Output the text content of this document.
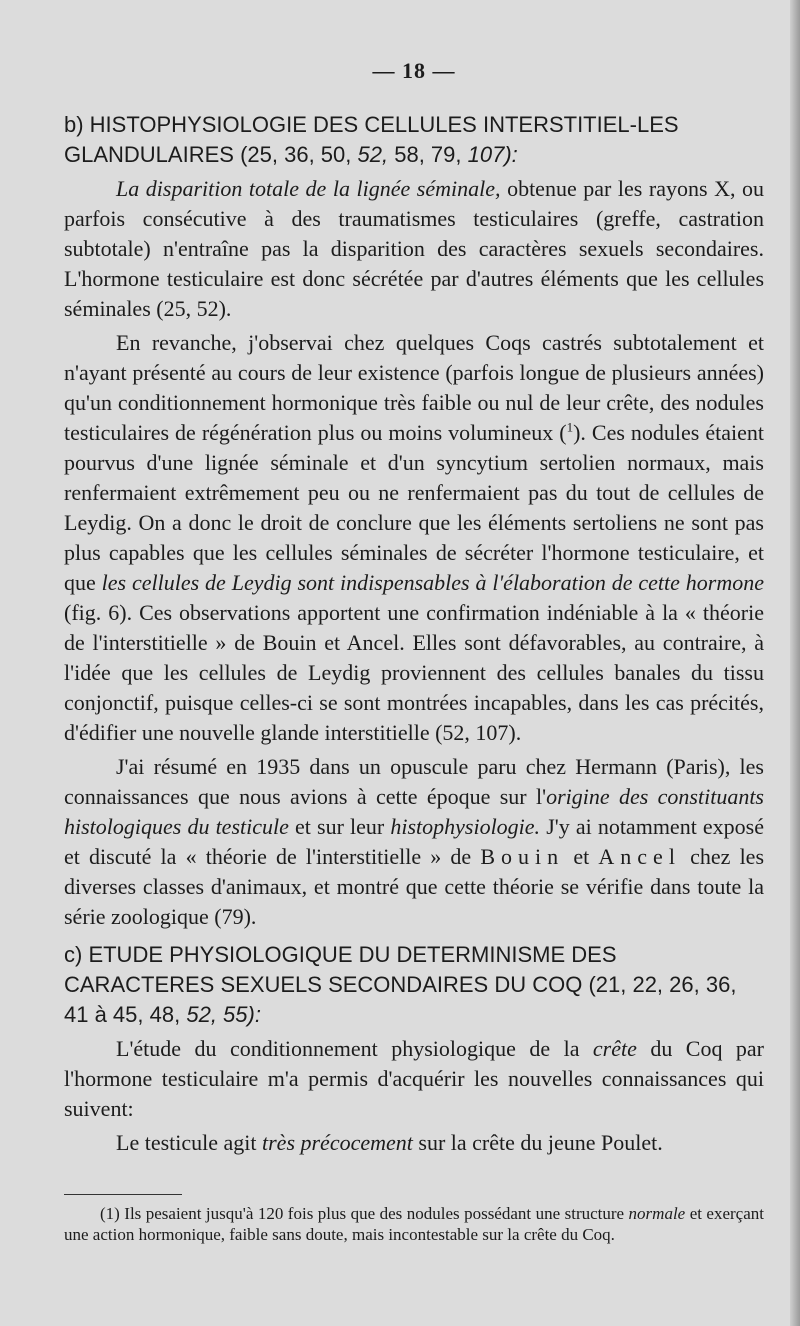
— 18 —
b) HISTOPHYSIOLOGIE DES CELLULES INTERSTITIEL-LES GLANDULAIRES (25, 36, 50, 52, 58, 79, 107):

La disparition totale de la lignée séminale, obtenue par les rayons X, ou parfois consécutive à des traumatismes testiculaires (greffe, castration subtotale) n'entraîne pas la disparition des caractères sexuels secondaires. L'hormone testiculaire est donc sécrétée par d'autres éléments que les cellules séminales (25, 52).

En revanche, j'observai chez quelques Coqs castrés subtotalement et n'ayant présenté au cours de leur existence (parfois longue de plusieurs années) qu'un conditionnement hormonique très faible ou nul de leur crête, des nodules testiculaires de régénération plus ou moins volumineux ($^1$). Ces nodules étaient pourvus d'une lignée séminale et d'un syncytium sertolien normaux, mais renfermaient extrêmement peu ou ne renfermaient pas du tout de cellules de Leydig. On a donc le droit de conclure que les éléments sertoliens ne sont pas plus capables que les cellules séminales de sécréter l'hormone testiculaire, et que les cellules de Leydig sont indispensables à l'élaboration de cette hormone (fig. 6). Ces observations apportent une confirmation indéniable à la « théorie de l'interstitielle » de Bouin et Ancel. Elles sont défavorables, au contraire, à l'idée que les cellules de Leydig proviennent des cellules banales du tissu conjonctif, puisque celles-ci se sont montrées incapables, dans les cas précités, d'édifier une nouvelle glande interstitielle (52, 107).

J'ai résumé en 1935 dans un opuscule paru chez Hermann (Paris), les connaissances que nous avions à cette époque sur l'origine des constituants histologiques du testicule et sur leur histophysiologie. J'y ai notamment exposé et discuté la « théorie de l'interstitielle » de Bouin et Ancel chez les diverses classes d'animaux, et montré que cette théorie se vérifie dans toute la série zoologique (79).

c) ETUDE PHYSIOLOGIQUE DU DETERMINISME DES CARACTERES SEXUELS SECONDAIRES DU COQ (21, 22, 26, 36, 41 à 45, 48, 52, 55):

L'étude du conditionnement physiologique de la crête du Coq par l'hormone testiculaire m'a permis d'acquérir les nouvelles connaissances qui suivent:

Le testicule agit très précocement sur la crête du jeune Poulet.

(1) Ils pesaient jusqu'à 120 fois plus que des nodules possédant une structure normale et exerçant une action hormonique, faible sans doute, mais incontestable sur la crête du Coq.
